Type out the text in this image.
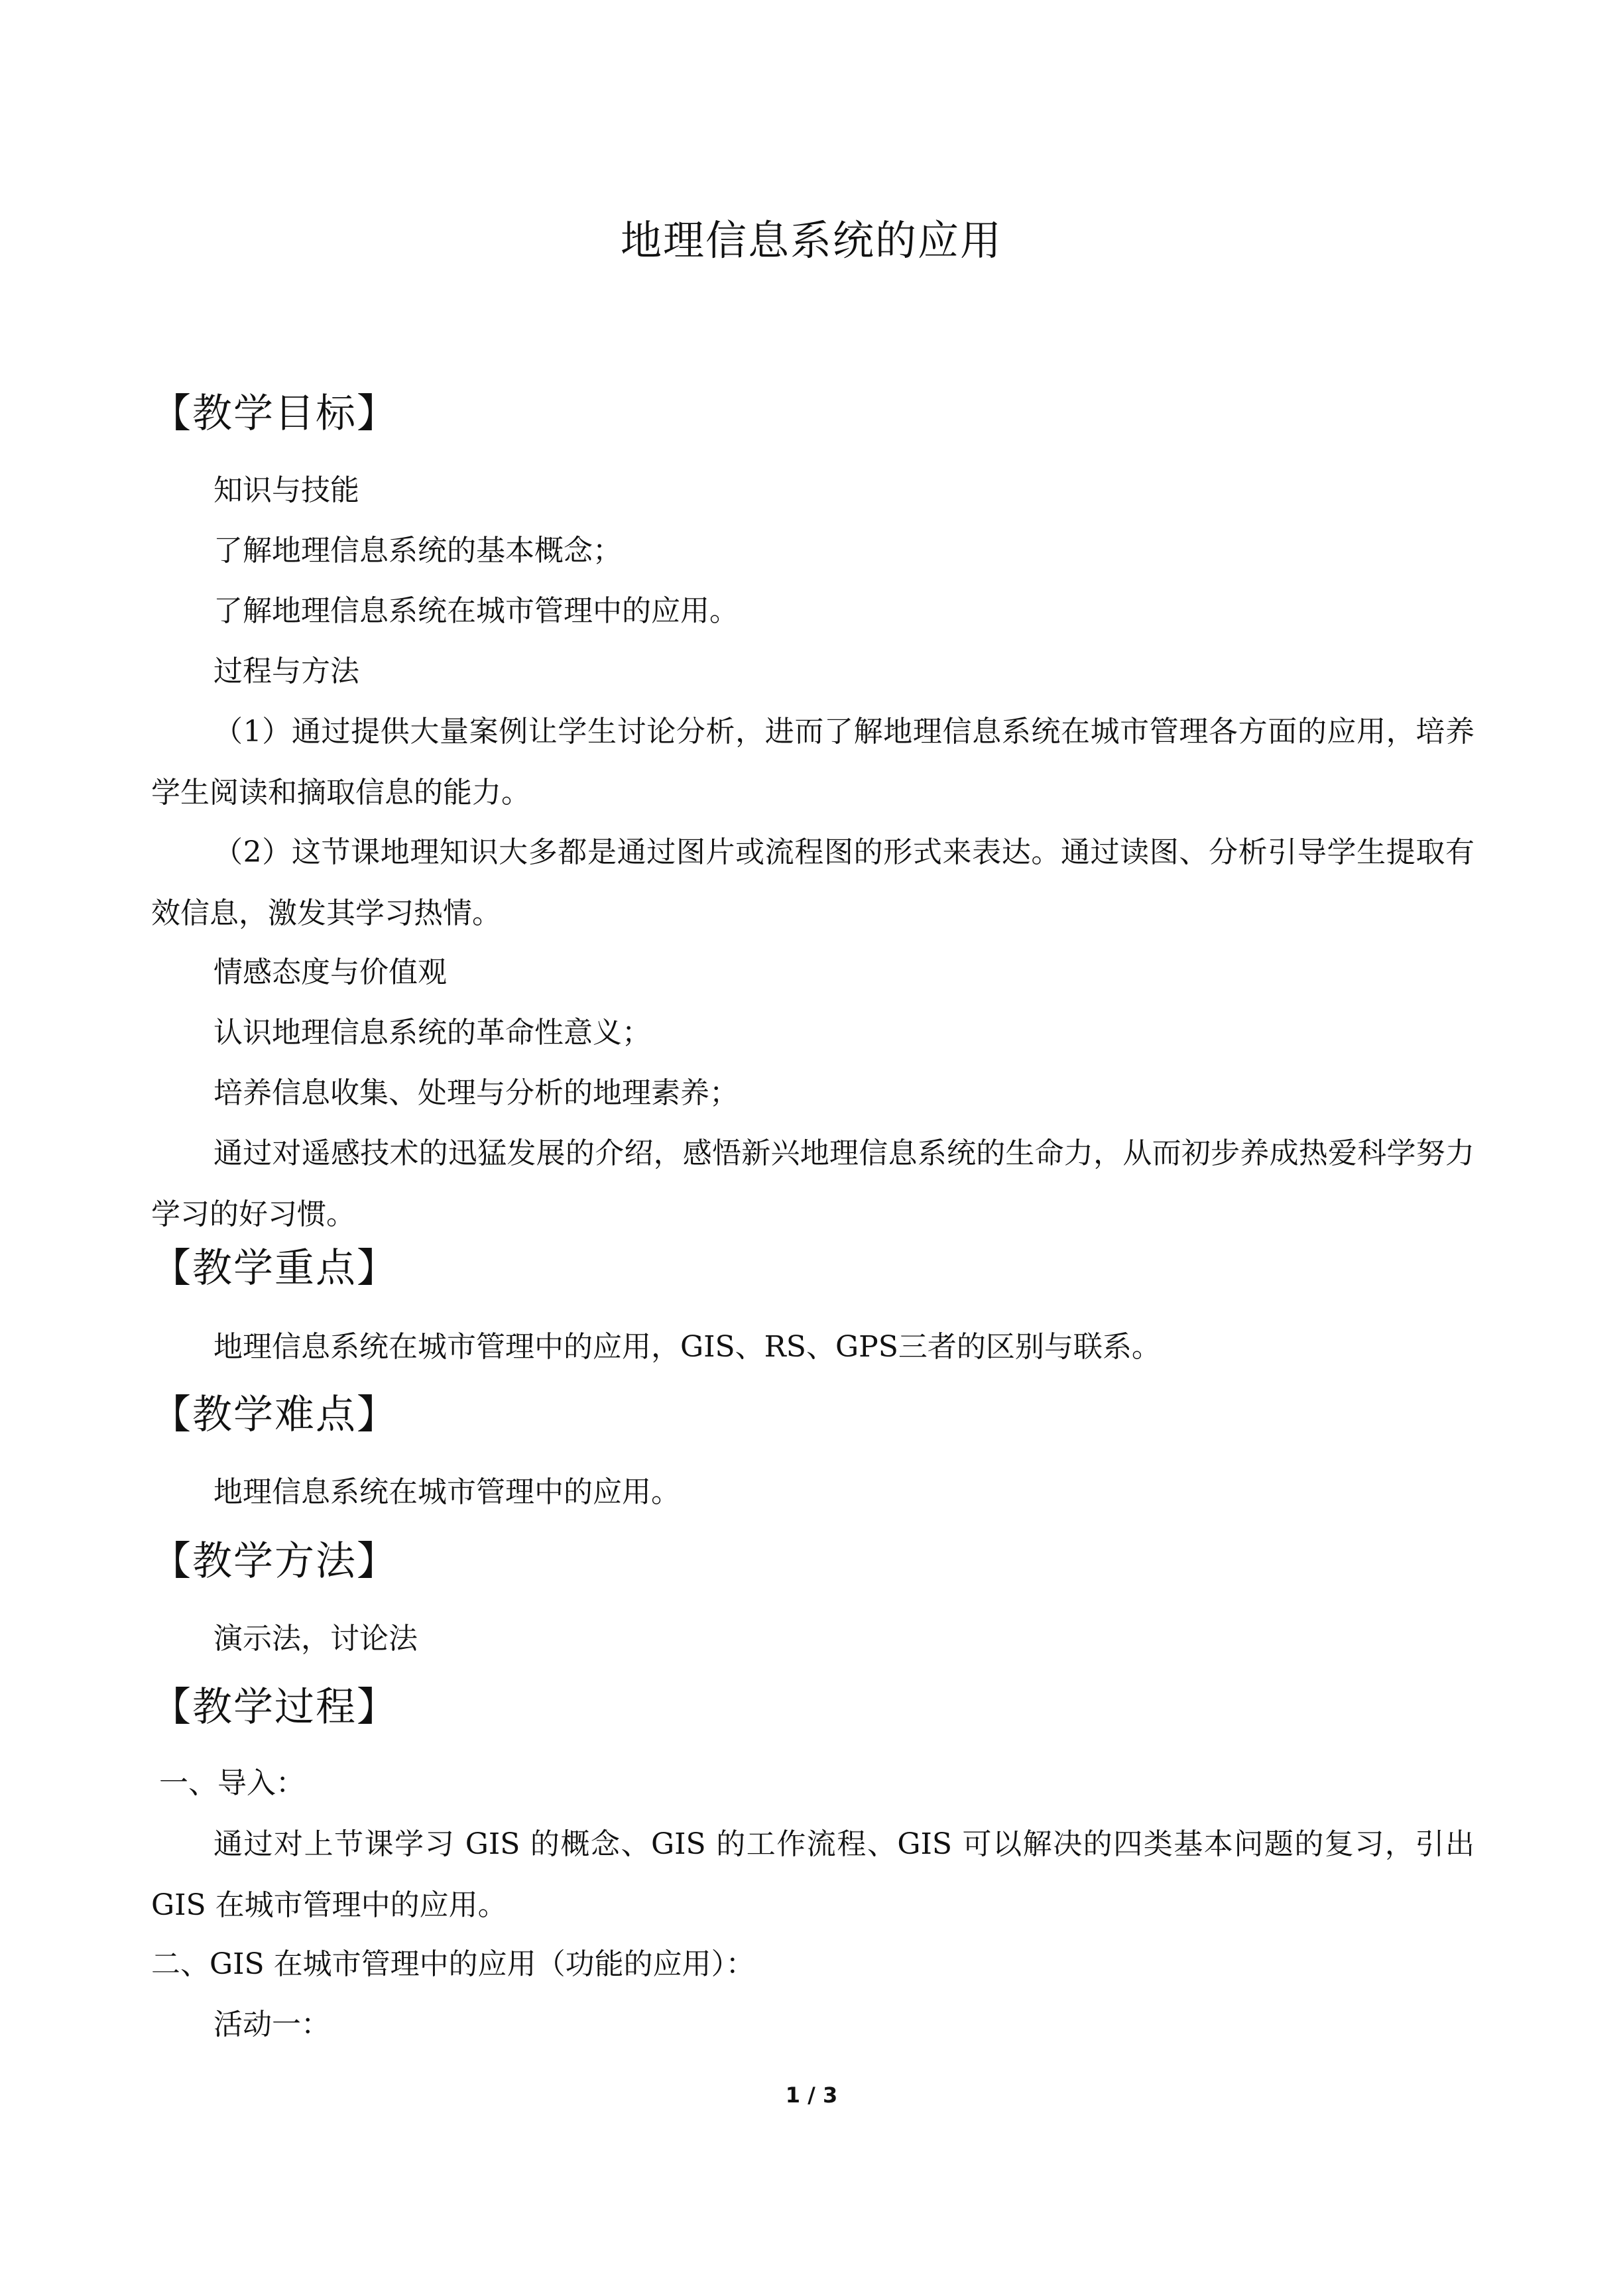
地理信息系统的应用
【教学目标】
知识与技能
了解地理信息系统的基本概念；
了解地理信息系统在城市管理中的应用。
过程与方法
（1）通过提供大量案例让学生讨论分析，进而了解地理信息系统在城市管理各方面的应用，培养学生阅读和摘取信息的能力。
（2）这节课地理知识大多都是通过图片或流程图的形式来表达。通过读图、分析引导学生提取有效信息，激发其学习热情。
情感态度与价值观
认识地理信息系统的革命性意义；
培养信息收集、处理与分析的地理素养；
通过对遥感技术的迅猛发展的介绍，感悟新兴地理信息系统的生命力，从而初步养成热爱科学努力学习的好习惯。
【教学重点】
地理信息系统在城市管理中的应用，GIS、RS、GPS三者的区别与联系。
【教学难点】
地理信息系统在城市管理中的应用。
【教学方法】
演示法，讨论法
【教学过程】
一、导入：
通过对上节课学习 GIS 的概念、GIS 的工作流程、GIS 可以解决的四类基本问题的复习，引出 GIS 在城市管理中的应用。
二、GIS 在城市管理中的应用（功能的应用）：
活动一：
1 / 3
